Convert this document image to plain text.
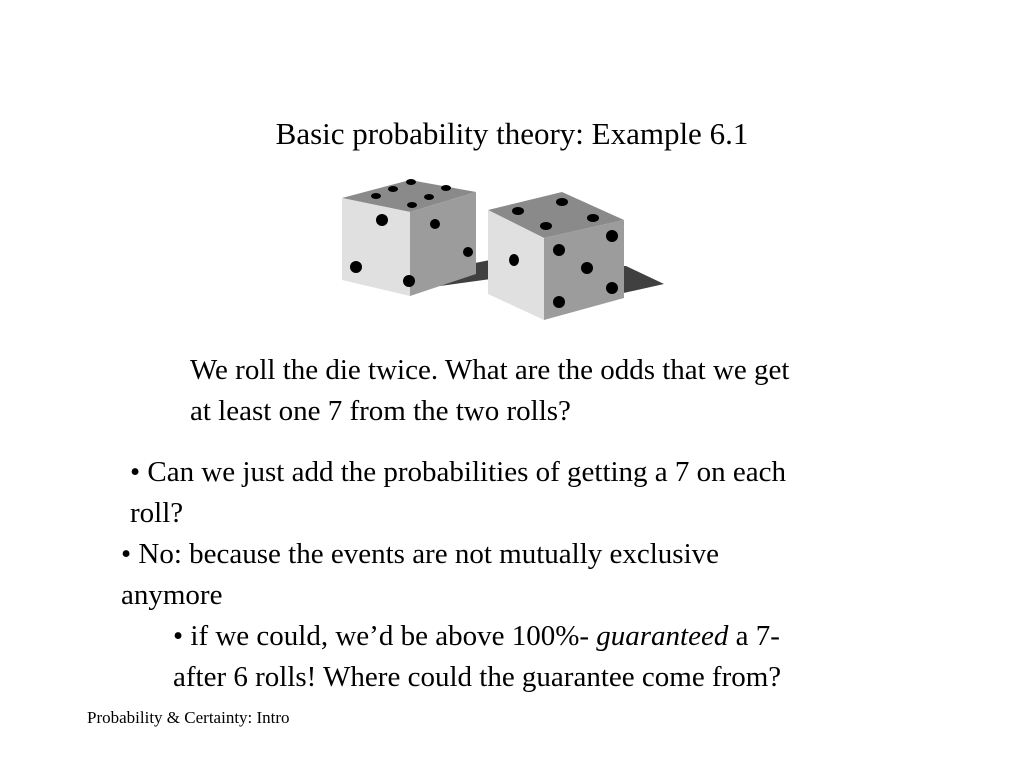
Basic probability theory: Example 6.1
We roll the die twice. What are the odds that we get
at least one 7 from the two rolls?
• Can we just add the probabilities of getting a 7 on each
roll?
• No: because the events are not mutually exclusive
anymore
• if we could, we’d be above 100%- guaranteed a 7-
after 6 rolls! Where could the guarantee come from?
Probability & Certainty: Intro
